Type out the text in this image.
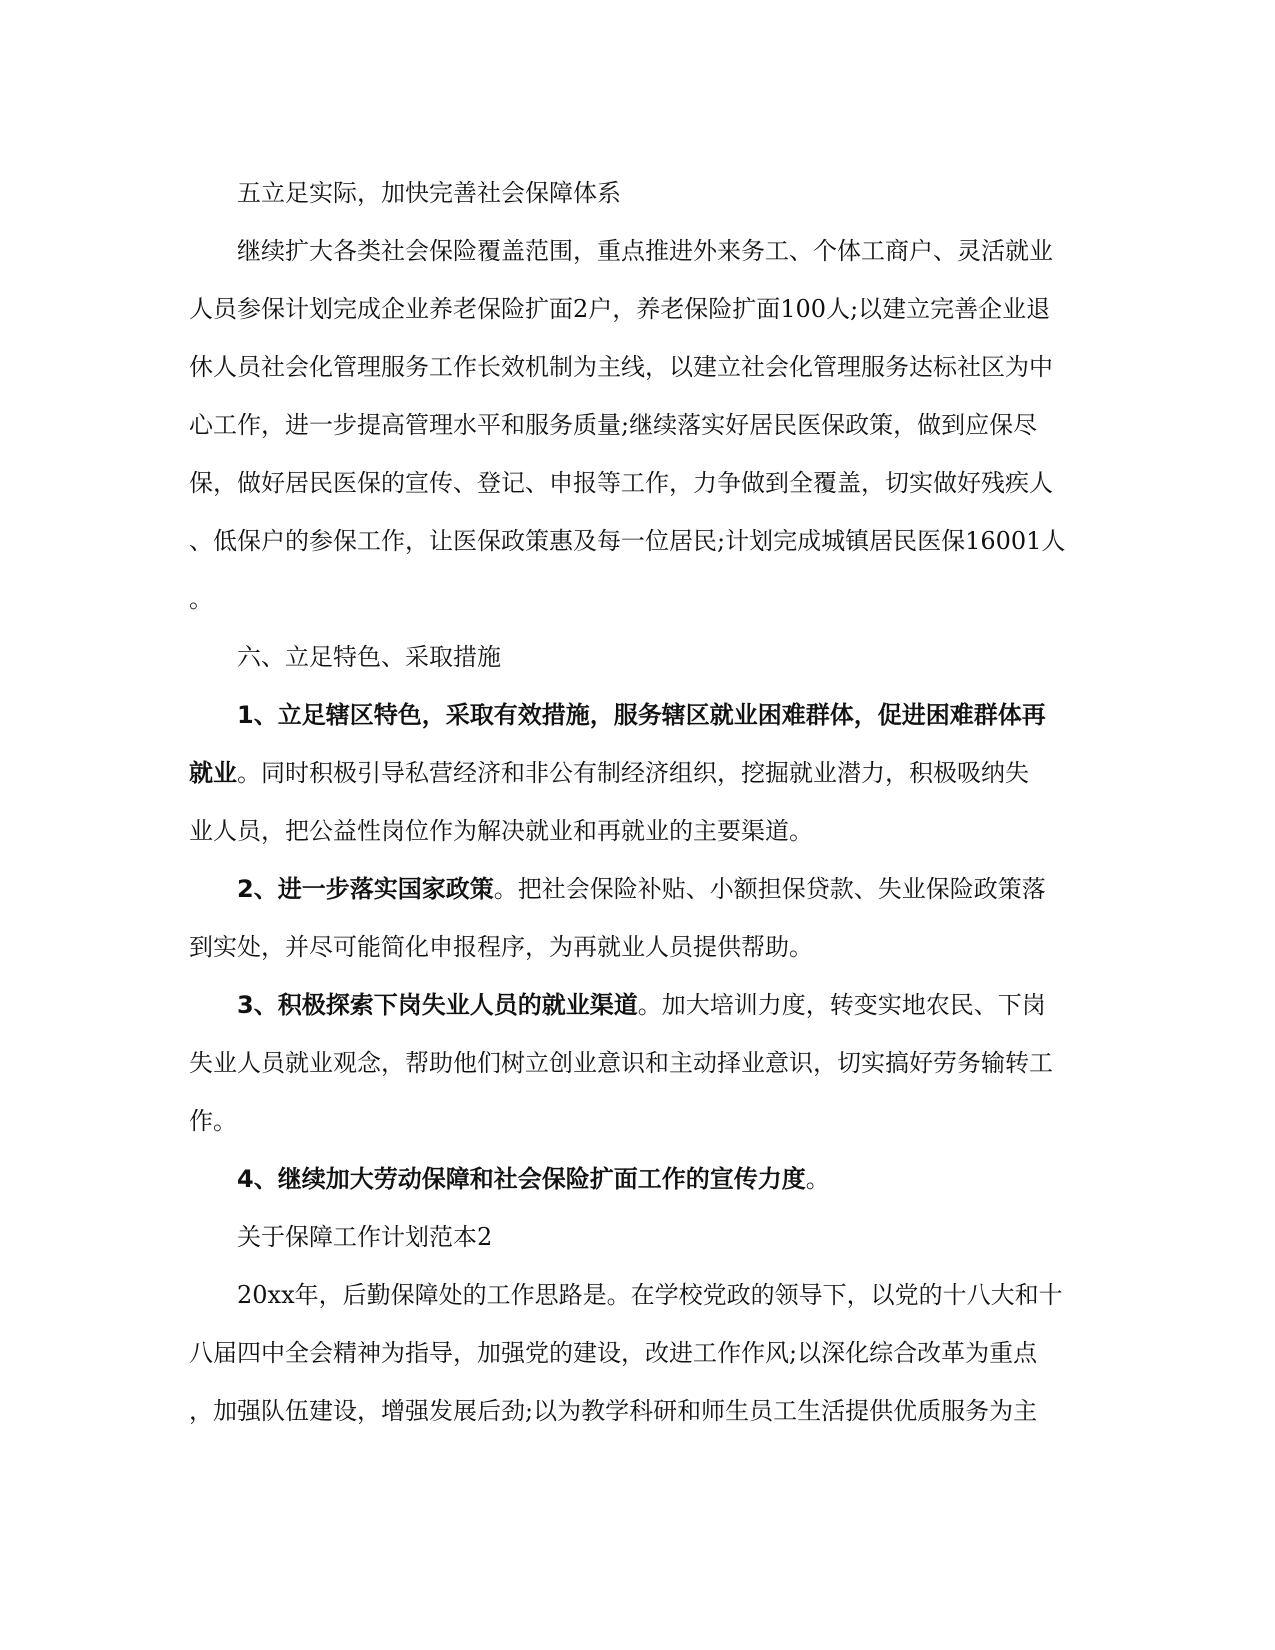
五立足实际，加快完善社会保障体系

继续扩大各类社会保险覆盖范围，重点推进外来务工、个体工商户、灵活就业

人员参保计划完成企业养老保险扩面2户，养老保险扩面100人;以建立完善企业退

休人员社会化管理服务工作长效机制为主线，以建立社会化管理服务达标社区为中

心工作，进一步提高管理水平和服务质量;继续落实好居民医保政策，做到应保尽

保，做好居民医保的宣传、登记、申报等工作，力争做到全覆盖，切实做好残疾人

、低保户的参保工作，让医保政策惠及每一位居民;计划完成城镇居民医保16001人

。

六、立足特色、采取措施

1、立足辖区特色，采取有效措施，服务辖区就业困难群体，促进困难群体再

就业。同时积极引导私营经济和非公有制经济组织，挖掘就业潜力，积极吸纳失

业人员，把公益性岗位作为解决就业和再就业的主要渠道。

2、进一步落实国家政策。把社会保险补贴、小额担保贷款、失业保险政策落

到实处，并尽可能简化申报程序，为再就业人员提供帮助。

3、积极探索下岗失业人员的就业渠道。加大培训力度，转变实地农民、下岗

失业人员就业观念，帮助他们树立创业意识和主动择业意识，切实搞好劳务输转工

作。

4、继续加大劳动保障和社会保险扩面工作的宣传力度。

关于保障工作计划范本2

20xx年，后勤保障处的工作思路是。在学校党政的领导下，以党的十八大和十

八届四中全会精神为指导，加强党的建设，改进工作作风;以深化综合改革为重点

，加强队伍建设，增强发展后劲;以为教学科研和师生员工生活提供优质服务为主
